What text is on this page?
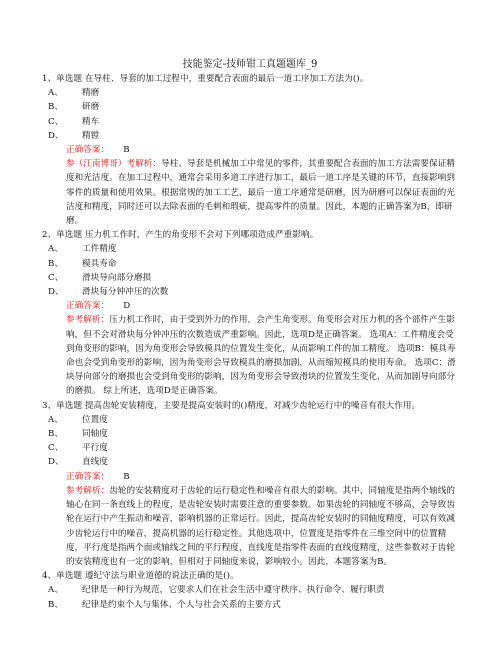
技能鉴定-技师钳工真题题库_9

1、单选题 在导柱、导套的加工过程中，重要配合表面的最后一道工序加工方法为()。

A、	精磨
B、	研磨
C、	精车
D、	精镗

正确答案： B

参（江南博哥）考解析：导柱、导套是机械加工中常见的零件，其重要配合表面的加工方法需要保证精度和光洁度。在加工过程中，通常会采用多道工序进行加工，最后一道工序是关键的环节，直接影响到零件的质量和使用效果。根据常规的加工工艺，最后一道工序通常是研磨，因为研磨可以保证表面的光洁度和精度，同时还可以去除表面的毛刺和瑕疵，提高零件的质量。因此，本题的正确答案为B，即研磨。

2、单选题 压力机工作时，产生的角变形不会对下列哪项造成严重影响。

A、	工件精度
B、	模具寿命
C、	滑块导向部分磨损
D、	滑块每分钟冲压的次数

正确答案： D

参考解析：压力机工作时，由于受到外力的作用，会产生角变形。角变形会对压力机的各个部件产生影响，但不会对滑块每分钟冲压的次数造成严重影响。因此，选项D是正确答案。 选项A：工件精度会受到角变形的影响，因为角变形会导致模具的位置发生变化，从而影响工件的加工精度。 选项B：模具寿命也会受到角变形的影响，因为角变形会导致模具的磨损加剧，从而缩短模具的使用寿命。 选项C：滑块导向部分的磨损也会受到角变形的影响，因为角变形会导致滑块的位置发生变化，从而加剧导向部分的磨损。 综上所述，选项D是正确答案。

3、单选题 提高齿轮安装精度，主要是提高安装时的()精度，对减少齿轮运行中的噪音有很大作用。

A、	位置度
B、	同轴度
C、	平行度
D、	直线度

正确答案： B

参考解析：齿轮的安装精度对于齿轮的运行稳定性和噪音有很大的影响。其中，同轴度是指两个轴线的轴心在同一条直线上的程度，是齿轮安装时需要注意的重要参数。如果齿轮的同轴度不够高，会导致齿轮在运行中产生振动和噪音，影响机器的正常运行。因此，提高齿轮安装时的同轴度精度，可以有效减少齿轮运行中的噪音，提高机器的运行稳定性。其他选项中，位置度是指零件在三维空间中的位置精度，平行度是指两个面或轴线之间的平行程度，直线度是指零件表面的直线度精度，这些参数对于齿轮的安装精度也有一定的影响，但相对于同轴度来说，影响较小。因此，本题答案为B。

4、单选题 遵纪守法与职业道德的说法正确的是()。

A、	纪律是一种行为规范，它要求人们在社会生活中遵守秩序、执行命令、履行职责
B、	纪律是约束个人与集体、个人与社会关系的主要方式
